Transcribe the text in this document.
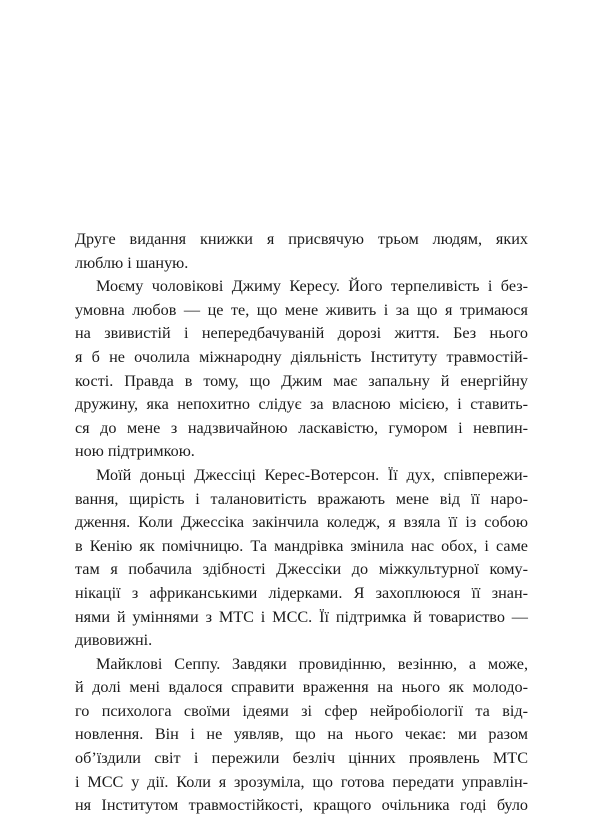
Друге видання книжки я присвячую трьом людям, яких
люблю і шаную.
Моєму чоловікові Джиму Кересу. Його терпеливість і без-
умовна любов — це те, що мене живить і за що я тримаюся
на звивистій і непередбачуваній дорозі життя. Без нього
я б не очолила міжнародну діяльність Інституту травмостій-
кості. Правда в тому, що Джим має запальну й енергійну
дружину, яка непохитно слідує за власною місією, і ставить-
ся до мене з надзвичайною ласкавістю, гумором і невпин-
ною підтримкою.
Моїй доньці Джессіці Керес-Вотерсон. Її дух, співпережи-
вання, щирість і талановитість вражають мене від її наро-
дження. Коли Джессіка закінчила коледж, я взяла її із собою
в Кенію як помічницю. Та мандрівка змінила нас обох, і саме
там я побачила здібності Джессіки до міжкультурної кому-
нікації з африканськими лідерками. Я захоплююся її знан-
нями й уміннями з МТС і МСС. Її підтримка й товариство —
дивовижні.
Майклові Сеппу. Завдяки провидінню, везінню, а може,
й долі мені вдалося справити враження на нього як молодо-
го психолога своїми ідеями зі сфер нейробіології та від-
новлення. Він і не уявляв, що на нього чекає: ми разом
об’їздили світ і пережили безліч цінних проявлень МТС
і МСС у дії. Коли я зрозуміла, що готова передати управлін-
ня Інститутом травмостійкості, кращого очільника годі було
